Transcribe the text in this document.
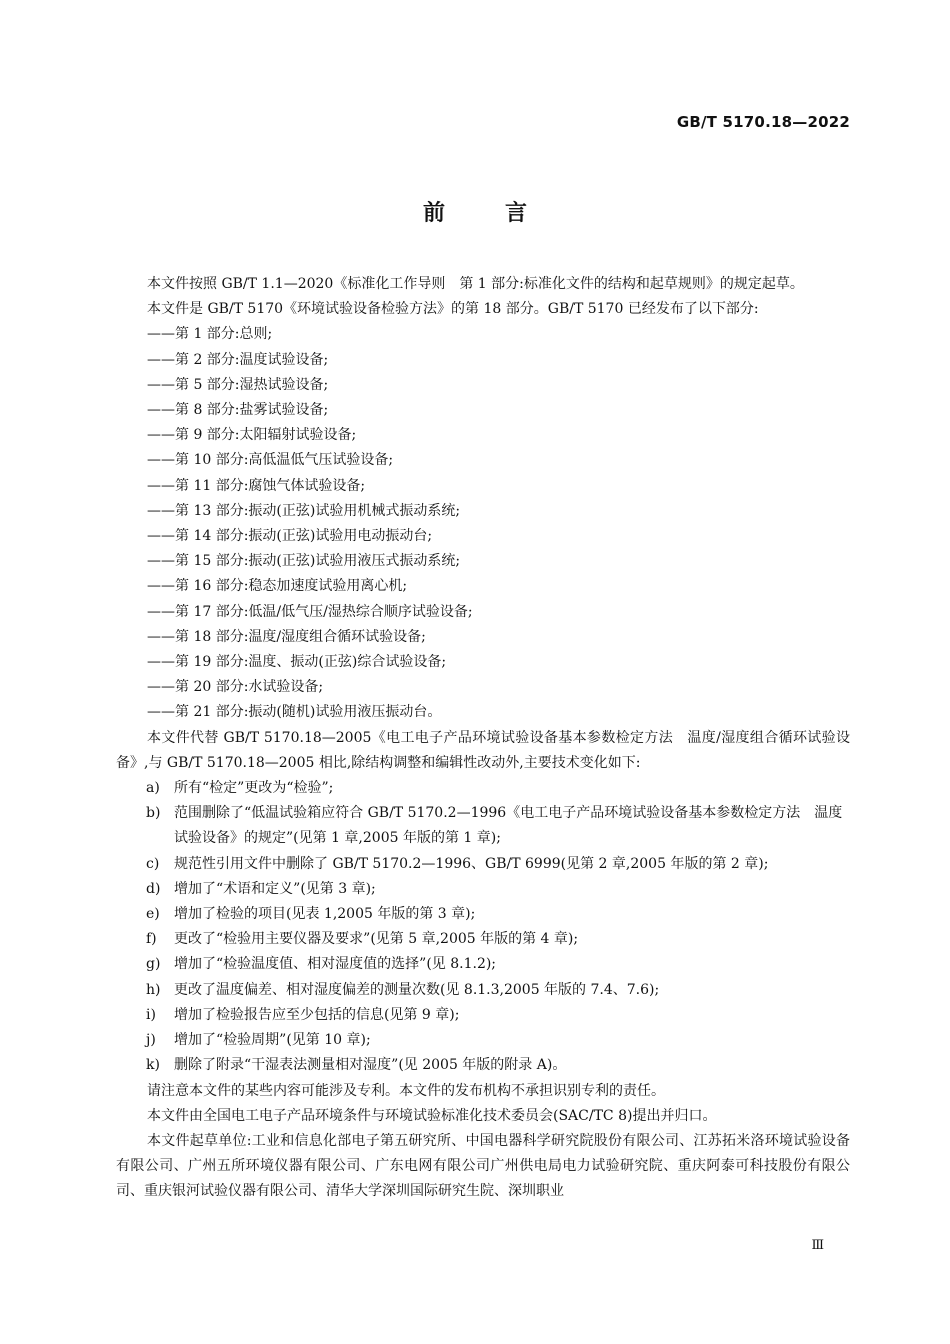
GB/T 5170.18—2022
前言

本文件按照 GB/T 1.1—2020《标准化工作导则　第 1 部分:标准化文件的结构和起草规则》的规定起草。

本文件是 GB/T 5170《环境试验设备检验方法》的第 18 部分。GB/T 5170 已经发布了以下部分:

——第 1 部分:总则;

——第 2 部分:温度试验设备;

——第 5 部分:湿热试验设备;

——第 8 部分:盐雾试验设备;

——第 9 部分:太阳辐射试验设备;

——第 10 部分:高低温低气压试验设备;

——第 11 部分:腐蚀气体试验设备;

——第 13 部分:振动(正弦)试验用机械式振动系统;

——第 14 部分:振动(正弦)试验用电动振动台;

——第 15 部分:振动(正弦)试验用液压式振动系统;

——第 16 部分:稳态加速度试验用离心机;

——第 17 部分:低温/低气压/湿热综合顺序试验设备;

——第 18 部分:温度/湿度组合循环试验设备;

——第 19 部分:温度、振动(正弦)综合试验设备;

——第 20 部分:水试验设备;

——第 21 部分:振动(随机)试验用液压振动台。

本文件代替 GB/T 5170.18—2005《电工电子产品环境试验设备基本参数检定方法　温度/湿度组合循环试验设备》,与 GB/T 5170.18—2005 相比,除结构调整和编辑性改动外,主要技术变化如下:

a) 所有“检定”更改为“检验”;

b) 范围删除了“低温试验箱应符合 GB/T 5170.2—1996《电工电子产品环境试验设备基本参数检定方法　温度试验设备》的规定”(见第 1 章,2005 年版的第 1 章);

c) 规范性引用文件中删除了 GB/T 5170.2—1996、GB/T 6999(见第 2 章,2005 年版的第 2 章);

d) 增加了“术语和定义”(见第 3 章);

e) 增加了检验的项目(见表 1,2005 年版的第 3 章);

f) 更改了“检验用主要仪器及要求”(见第 5 章,2005 年版的第 4 章);

g) 增加了“检验温度值、相对湿度值的选择”(见 8.1.2);

h) 更改了温度偏差、相对湿度偏差的测量次数(见 8.1.3,2005 年版的 7.4、7.6);

i) 增加了检验报告应至少包括的信息(见第 9 章);

j) 增加了“检验周期”(见第 10 章);

k) 删除了附录“干湿表法测量相对湿度”(见 2005 年版的附录 A)。

请注意本文件的某些内容可能涉及专利。本文件的发布机构不承担识别专利的责任。

本文件由全国电工电子产品环境条件与环境试验标准化技术委员会(SAC/TC 8)提出并归口。

本文件起草单位:工业和信息化部电子第五研究所、中国电器科学研究院股份有限公司、江苏拓米洛环境试验设备有限公司、广州五所环境仪器有限公司、广东电网有限公司广州供电局电力试验研究院、重庆阿泰可科技股份有限公司、重庆银河试验仪器有限公司、清华大学深圳国际研究生院、深圳职业

Ⅲ
